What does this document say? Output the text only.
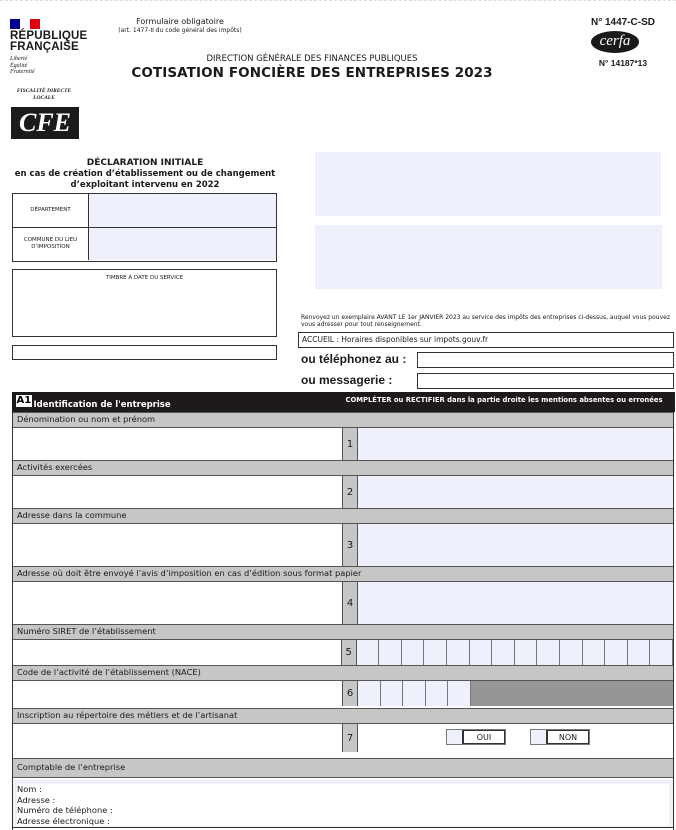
RÉPUBLIQUE
FRANÇAISE
Liberté
Égalité
Fraternité
FISCALITÉ DIRECTE LOCALE
CFE
Formulaire obligatoire
(art. 1477-II du code général des impôts)
DIRECTION GÉNÉRALE DES FINANCES PUBLIQUES
COTISATION FONCIÈRE DES ENTREPRISES 2023
N° 1447-C-SD
cerfa
N° 14187*13
DÉCLARATION INITIALE
en cas de création d’établissement ou de changement
d’exploitant intervenu en 2022
DÉPARTEMENT
COMMUNE DU LIEU D’IMPOSITION
TIMBRE À DATE DU SERVICE
Renvoyez un exemplaire AVANT LE 1er JANVIER 2023 au service des impôts des entreprises ci-dessus, auquel vous pouvez vous adresser pour tout renseignement.
ACCUEIL : Horaires disponibles sur impots.gouv.fr
ou téléphonez au :
ou messagerie :
A1 Identification de l'entreprise	COMPLÉTER ou RECTIFIER dans la partie droite les mentions absentes ou erronées
Dénomination ou nom et prénom
1
Activités exercées
2
Adresse dans la commune
3
Adresse où doit être envoyé l’avis d’imposition en cas d’édition sous format papier
4
Numéro SIRET de l’établissement
5
Code de l’activité de l’établissement (NACE)
6
Inscription au répertoire des métiers et de l’artisanat
7	OUI	NON
Comptable de l’entreprise
Nom :
Adresse :
Numéro de téléphone :
Adresse électronique :
